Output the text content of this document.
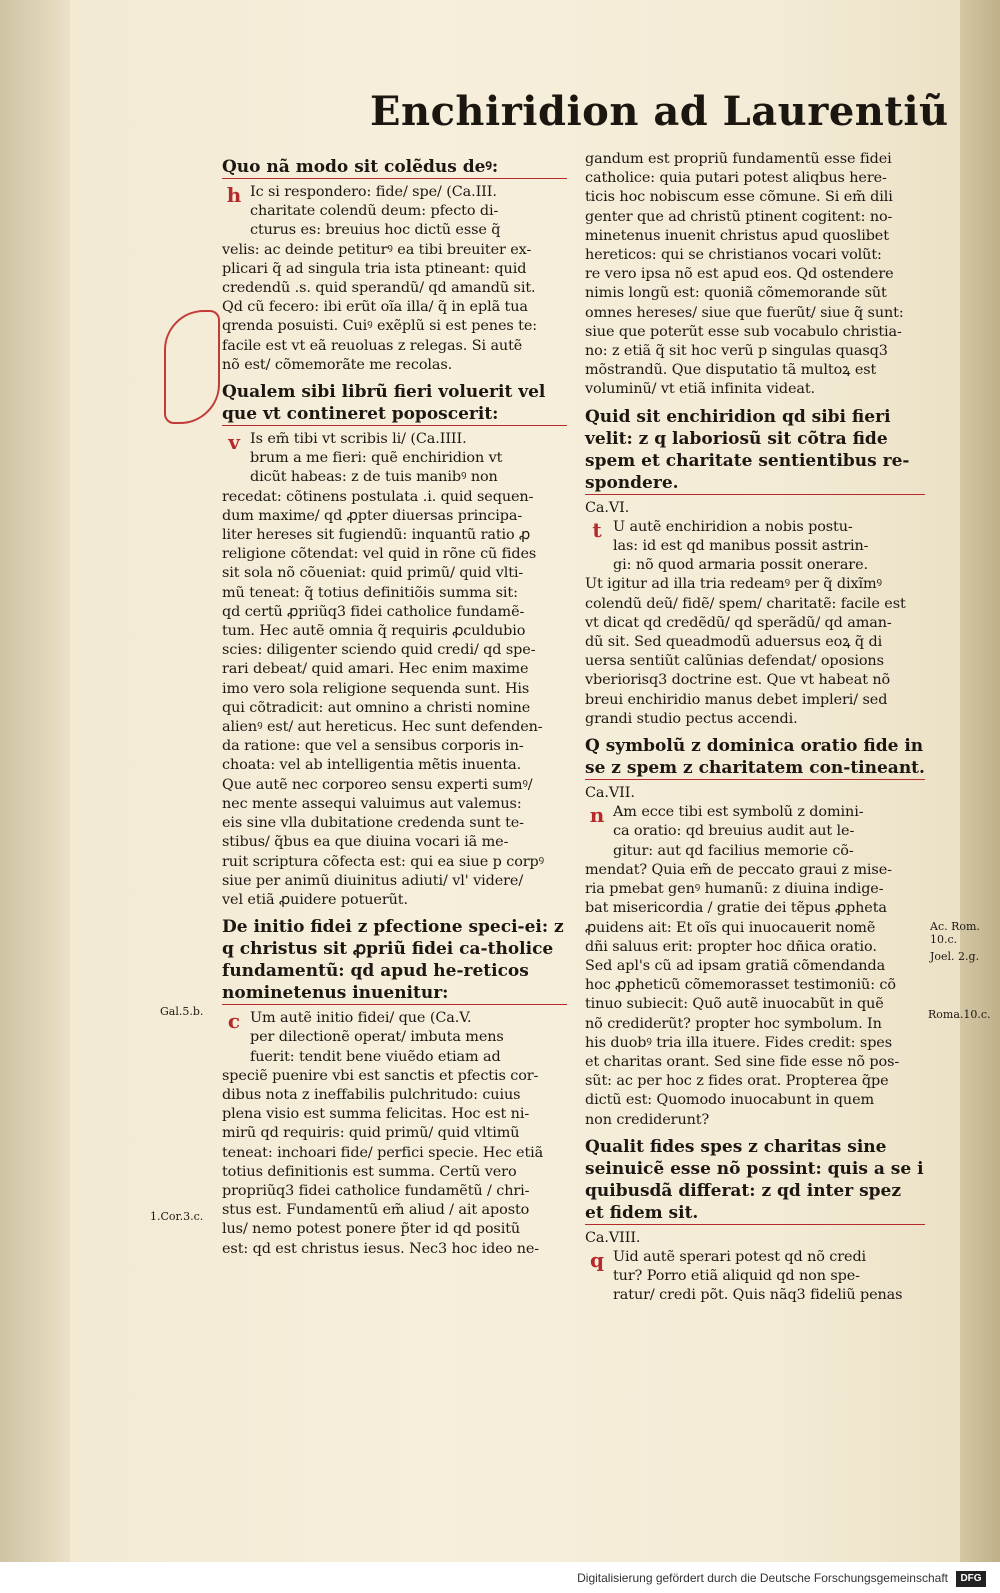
Enchiridion ad Laurentiũ
Quo nã modo sit colẽdus deꝰ:
h Ic si respondero: fide/ spe/ (Ca.III.
charitate colendũ deum: pfecto di-
cturus es: breuius hoc dictũ esse q̃
velis: ac deinde petiturꝰ ea tibi breuiter ex-
plicari q̃ ad singula tria ista ptineant: quid
credendũ .s. quid sperandũ/ qd amandũ sit.
Qd cũ fecero: ibi erũt oĩa illa/ q̃ in eplã tua
qrenda posuisti. Cuiꝰ exẽplũ si est penes te:
facile est vt eã reuoluas z relegas. Si autẽ
nõ est/ cõmemorãte me recolas.
Qualem sibi librũ fieri voluerit vel que vt contineret poposcerit:
v Is em̃ tibi vt scribis li/ (Ca.IIII.
brum a me fieri: quẽ enchiridion vt
dicũt habeas: z de tuis manibꝰ non
recedat: cõtinens postulata .i. quid sequen-
dum maxime/ qd ꝓpter diuersas principa-
liter hereses sit fugiendũ: inquantũ ratio ꝓ
religione cõtendat: vel quid in rõne cũ fides
sit sola nõ cõueniat: quid primũ/ quid vlti-
mũ teneat: q̃ totius definitiõis summa sit:
qd certũ ꝓpriũq3 fidei catholice fundamẽ-
tum. Hec autẽ omnia q̃ requiris ꝓculdubio
scies: diligenter sciendo quid credi/ qd spe-
rari debeat/ quid amari. Hec enim maxime
imo vero sola religione sequenda sunt. His
qui cõtradicit: aut omnino a christi nomine
alienꝰ est/ aut hereticus. Hec sunt defenden-
da ratione: que vel a sensibus corporis in-
choata: vel ab intelligentia mẽtis inuenta.
Que autẽ nec corporeo sensu experti sumꝰ/
nec mente assequi valuimus aut valemus:
eis sine vlla dubitatione credenda sunt te-
stibus/ q̃bus ea que diuina vocari iã me-
ruit scriptura cõfecta est: qui ea siue p corpꝰ
siue per animũ diuinitus adiuti/ vl' videre/
vel etiã ꝓuidere potuerũt.
De initio fidei z pfectione speci-ei: z q christus sit ꝓpriũ fidei ca-tholice fundamentũ: qd apud he-reticos nominetenus inuenitur:
c Um autẽ initio fidei/ que (Ca.V.
per dilectionẽ operat/ imbuta mens
fuerit: tendit bene viuẽdo etiam ad
speciẽ puenire vbi est sanctis et pfectis cor-
dibus nota z ineffabilis pulchritudo: cuius
plena visio est summa felicitas. Hoc est ni-
mirũ qd requiris: quid primũ/ quid vltimũ
teneat: inchoari fide/ perfici specie. Hec etiã
totius definitionis est summa. Certũ vero
propriũq3 fidei catholice fundamẽtũ / chri-
stus est. Fundamentũ em̃ aliud / ait aposto
lus/ nemo potest ponere p̃ter id qd positũ
est: qd est christus iesus. Nec3 hoc ideo ne-
gandum est propriũ fundamentũ esse fidei
catholice: quia putari potest aliqbus here-
ticis hoc nobiscum esse cõmune. Si em̃ dili
genter que ad christũ ptinent cogitent: no-
minetenus inuenit christus apud quoslibet
hereticos: qui se christianos vocari volũt:
re vero ipsa nõ est apud eos. Qd ostendere
nimis longũ est: quoniã cõmemorande sũt
omnes hereses/ siue que fuerũt/ siue q̃ sunt:
siue que poterũt esse sub vocabulo christia-
no: z etiã q̃ sit hoc verũ p singulas quasq3
mõstrandũ. Que disputatio tã multoꝝ est
voluminũ/ vt etiã infinita videat.
Quid sit enchiridion qd sibi fieri velit: z q laboriosũ sit cõtra fide spem et charitate sentientibus re-spondere.
Ca.VI.
t U autẽ enchiridion a nobis postu-
las: id est qd manibus possit astrin-
gi: nõ quod armaria possit onerare.
Ut igitur ad illa tria redeamꝰ per q̃ dixĩmꝰ
colendũ deũ/ fidẽ/ spem/ charitatẽ: facile est
vt dicat qd credẽdũ/ qd sperãdũ/ qd aman-
dũ sit. Sed queadmodũ aduersus eoꝝ q̃ di
uersa sentiũt calũnias defendat/ oposions
vberiorisq3 doctrine est. Que vt habeat nõ
breui enchiridio manus debet impleri/ sed
grandi studio pectus accendi.
Q symbolũ z dominica oratio fide in se z spem z charitatem con-tineant.
Ca.VII.
n Am ecce tibi est symbolũ z domini-
ca oratio: qd breuius audit aut le-
gitur: aut qd facilius memorie cõ-
mendat? Quia em̃ de peccato graui z mise-
ria pmebat genꝰ humanũ: z diuina indige-
bat misericordia / gratie dei tẽpus ꝓpheta
ꝓuidens ait: Et oĩs qui inuocauerit nomẽ
dñi saluus erit: propter hoc dñica oratio.
Sed apl's cũ ad ipsam gratiã cõmendanda
hoc ꝓpheticũ cõmemorasset testimoniũ: cõ
tinuo subiecit: Quõ autẽ inuocabũt in quẽ
nõ crediderũt? propter hoc symbolum. In
his duobꝰ tria illa ituere. Fides credit: spes
et charitas orant. Sed sine fide esse nõ pos-
sũt: ac per hoc z fides orat. Propterea q̃pe
dictũ est: Quomodo inuocabunt in quem
non crediderunt?
Qualit fides spes z charitas sine seinuicẽ esse nõ possint: quis a se i quibusdã differat: z qd inter spez et fidem sit.
Ca.VIII.
q Uid autẽ sperari potest qd nõ credi
tur? Porro etiã aliquid qd non spe-
ratur/ credi põt. Quis nãq3 fideliũ penas
Gal.5.b.
1.Cor.3.c.
Ac. Rom. 10.c.
Joel. 2.g.
Roma.10.c.
Digitalisierung gefördert durch die Deutsche Forschungsgemeinschaft	DFG
